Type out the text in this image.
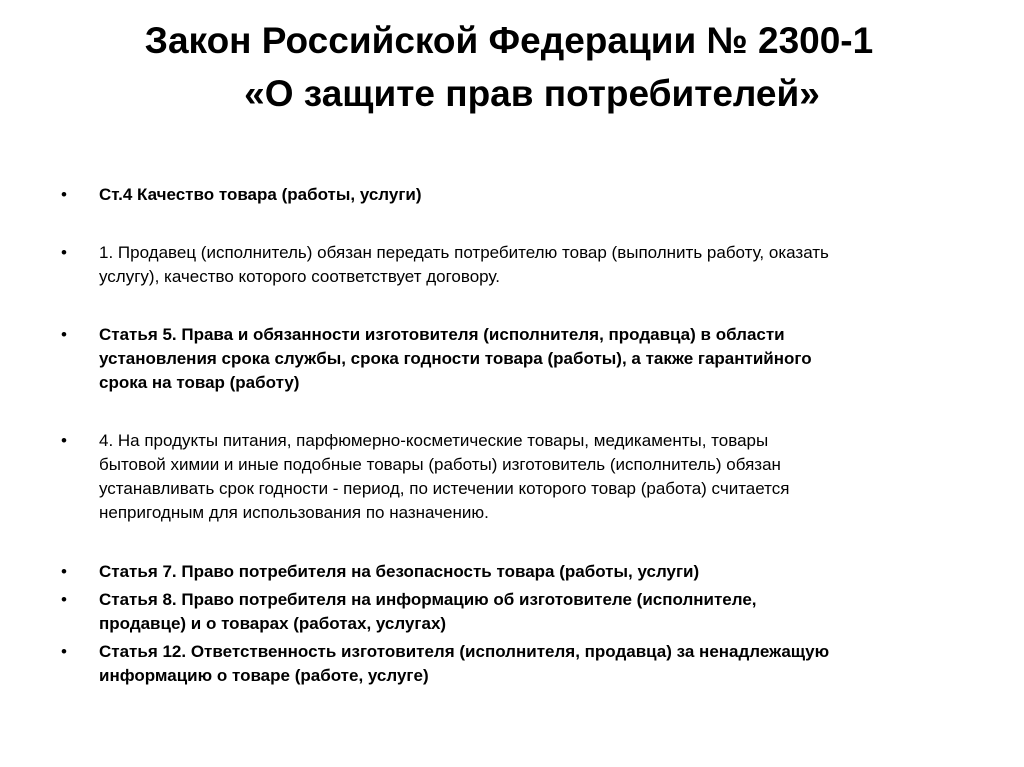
Закон Российской Федерации № 2300-1
«О защите прав потребителей»
• Ст.4 Качество товара (работы, услуги)
• 1. Продавец (исполнитель) обязан передать потребителю товар (выполнить работу, оказать
услугу), качество которого соответствует договору.
• Статья 5. Права и обязанности изготовителя (исполнителя, продавца) в области
установления срока службы, срока годности товара (работы), а также гарантийного
срока на товар (работу)
• 4. На продукты питания, парфюмерно-косметические товары, медикаменты, товары
бытовой химии и иные подобные товары (работы) изготовитель (исполнитель) обязан
устанавливать срок годности - период, по истечении которого товар (работа) считается
непригодным для использования по назначению.
• Статья 7. Право потребителя на безопасность товара (работы, услуги)
• Статья 8. Право потребителя на информацию об изготовителе (исполнителе,
продавце) и о товарах (работах, услугах)
• Статья 12. Ответственность изготовителя (исполнителя, продавца) за ненадлежащую
информацию о товаре (работе, услуге)
